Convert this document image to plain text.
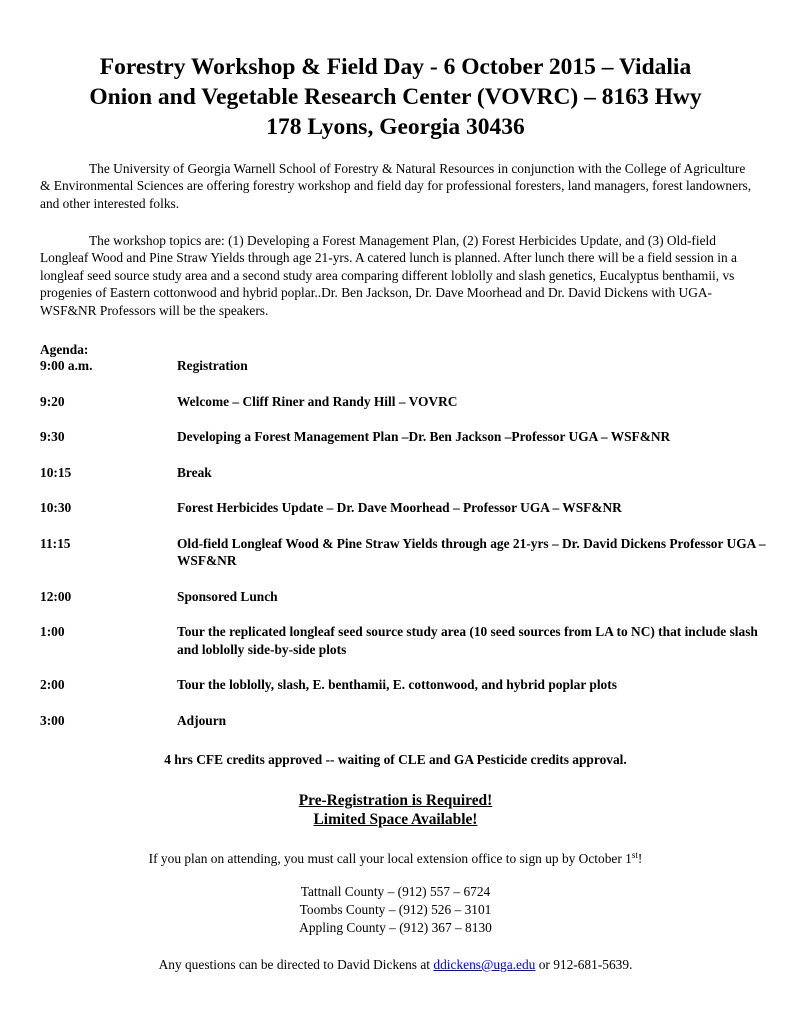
Forestry Workshop & Field Day - 6 October 2015 – Vidalia
Onion and Vegetable Research Center (VOVRC) – 8163 Hwy
178 Lyons, Georgia 30436
The University of Georgia Warnell School of Forestry & Natural Resources in conjunction with the College of Agriculture & Environmental Sciences are offering forestry workshop and field day for professional foresters, land managers, forest landowners, and other interested folks.
The workshop topics are: (1) Developing a Forest Management Plan, (2) Forest Herbicides Update, and (3) Old-field Longleaf Wood and Pine Straw Yields through age 21-yrs. A catered lunch is planned. After lunch there will be a field session in a longleaf seed source study area and a second study area comparing different loblolly and slash genetics, Eucalyptus benthamii, vs progenies of Eastern cottonwood and hybrid poplar..Dr. Ben Jackson, Dr. Dave Moorhead and Dr. David Dickens with UGA-WSF&NR Professors will be the speakers.
Agenda:
9:00 a.m.	Registration
9:20	Welcome – Cliff Riner and Randy Hill – VOVRC
9:30	Developing a Forest Management Plan –Dr. Ben Jackson –Professor UGA – WSF&NR
10:15	Break
10:30	Forest Herbicides Update – Dr. Dave Moorhead – Professor UGA – WSF&NR
11:15	Old-field Longleaf Wood & Pine Straw Yields through age 21-yrs – Dr. David Dickens Professor UGA – WSF&NR
12:00	Sponsored Lunch
1:00	Tour the replicated longleaf seed source study area (10 seed sources from LA to NC) that include slash and loblolly side-by-side plots
2:00	Tour the loblolly, slash, E. benthamii, E. cottonwood, and hybrid poplar plots
3:00	Adjourn
4 hrs CFE credits approved -- waiting of CLE and GA Pesticide credits approval.
Pre-Registration is Required!
Limited Space Available!
If you plan on attending, you must call your local extension office to sign up by October 1st!
Tattnall County – (912) 557 – 6724
Toombs County – (912) 526 – 3101
Appling County – (912) 367 – 8130
Any questions can be directed to David Dickens at ddickens@uga.edu or 912-681-5639.
